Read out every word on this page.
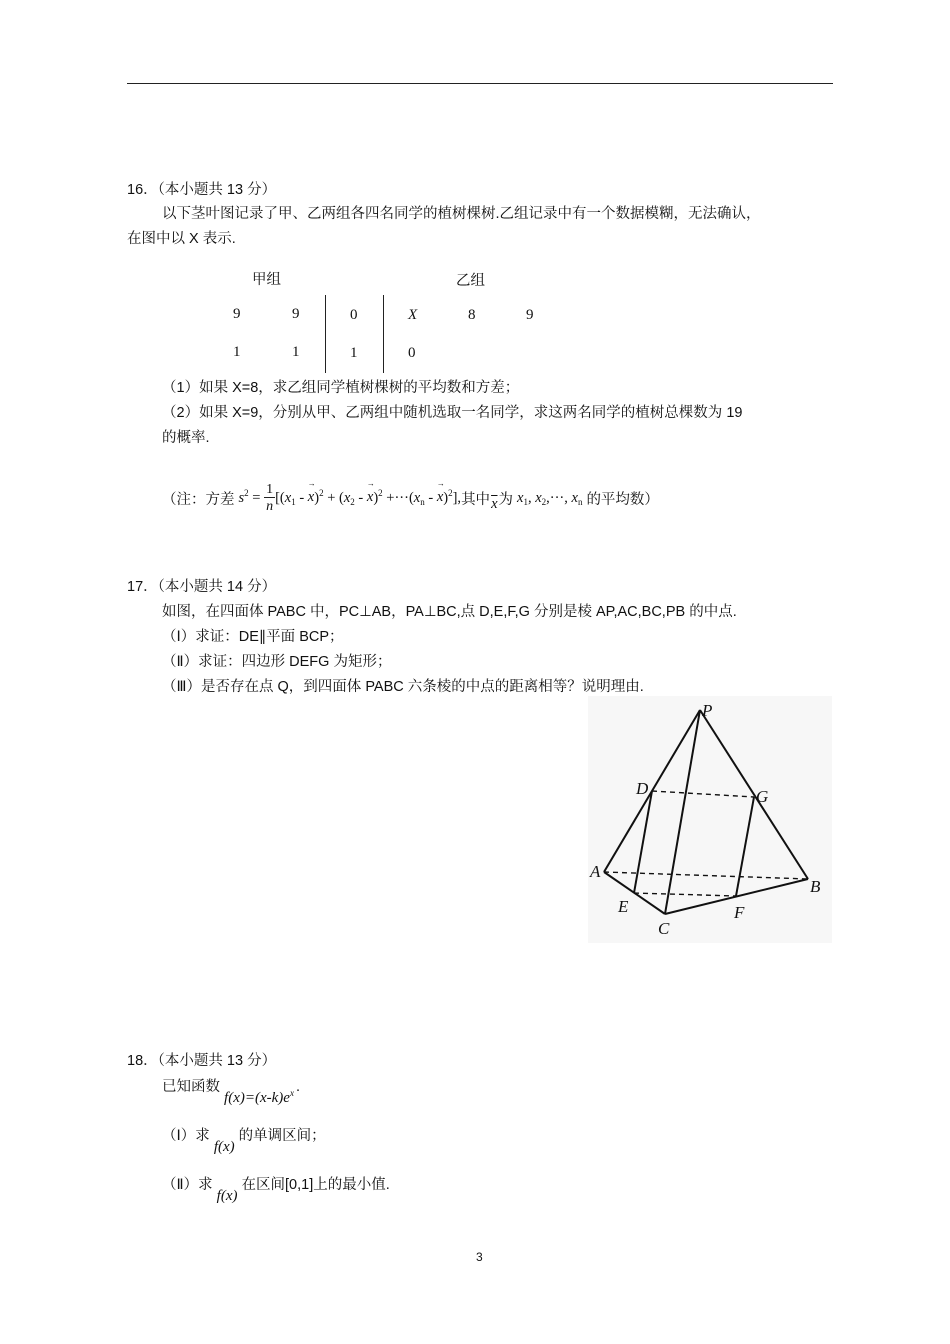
16．（本小题共 13 分）
以下茎叶图记录了甲、乙两组各四名同学的植树棵树.乙组记录中有一个数据模糊，无法确认，
在图中以 X 表示.
甲组	乙组
9	9	0	X	8	9
1	1	1	0
（1）如果 X=8，求乙组同学植树棵树的平均数和方差；
（2）如果 X=9，分别从甲、乙两组中随机选取一名同学，求这两名同学的植树总棵数为 19
的概率.
（注：方差 $s^2 = \frac{1}{n} [(x_1$ - → $x)^2 + (x_2$ - → $x)^2 +\cdot\cdot\cdot(x_n$ - → x)$^2$], 其中 $\overline{x}$ 为 $x_1$, $x_2,\cdot\cdot\cdot$, $x_n$ 的平均数）
17．（本小题共 14 分）
如图，在四面体 PABC 中，PC⊥AB，PA⊥BC,点 D,E,F,G 分别是棱 AP,AC,BC,PB 的中点.
（Ⅰ）求证：DE∥平面 BCP；
（Ⅱ）求证：四边形 DEFG 为矩形；
（Ⅲ）是否存在点 Q，到四面体 PABC 六条棱的中点的距离相等？说明理由.
P
D	G
A
B
E	F
C
18．（本小题共 13 分）
已知函数 $f(x)=(x-k)e^x$ .
（Ⅰ）求 f(x) 的单调区间；
（Ⅱ）求 f(x) 在区间[0,1]上的最小值.
3
